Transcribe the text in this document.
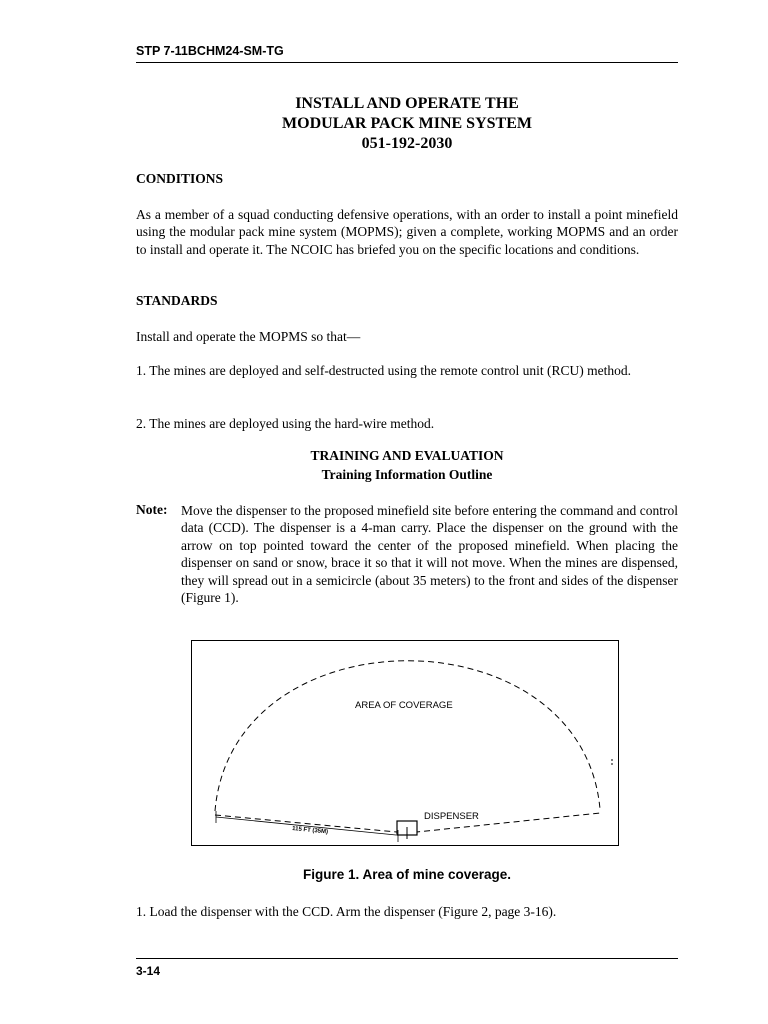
STP 7-11BCHM24-SM-TG
INSTALL AND OPERATE THE
MODULAR PACK MINE SYSTEM
051-192-2030
CONDITIONS
As a member of a squad conducting defensive operations, with an order to install a point minefield using the modular pack mine system (MOPMS); given a complete, working MOPMS and an order to install and operate it. The NCOIC has briefed you on the specific locations and conditions.
STANDARDS
Install and operate the MOPMS so that—
1. The mines are deployed and self-destructed using the remote control unit (RCU) method.
2. The mines are deployed using the hard-wire method.
TRAINING AND EVALUATION
Training Information Outline
Note: Move the dispenser to the proposed minefield site before entering the command and control data (CCD). The dispenser is a 4-man carry. Place the dispenser on the ground with the arrow on top pointed toward the center of the proposed minefield. When placing the dispenser on sand or snow, brace it so that it will not move. When the mines are dispensed, they will spread out in a semicircle (about 35 meters) to the front and sides of the dispenser (Figure 1).
AREA OF COVERAGE
DISPENSER
115 FT (35M)
Figure 1. Area of mine coverage.
1. Load the dispenser with the CCD. Arm the dispenser (Figure 2, page 3-16).
3-14
